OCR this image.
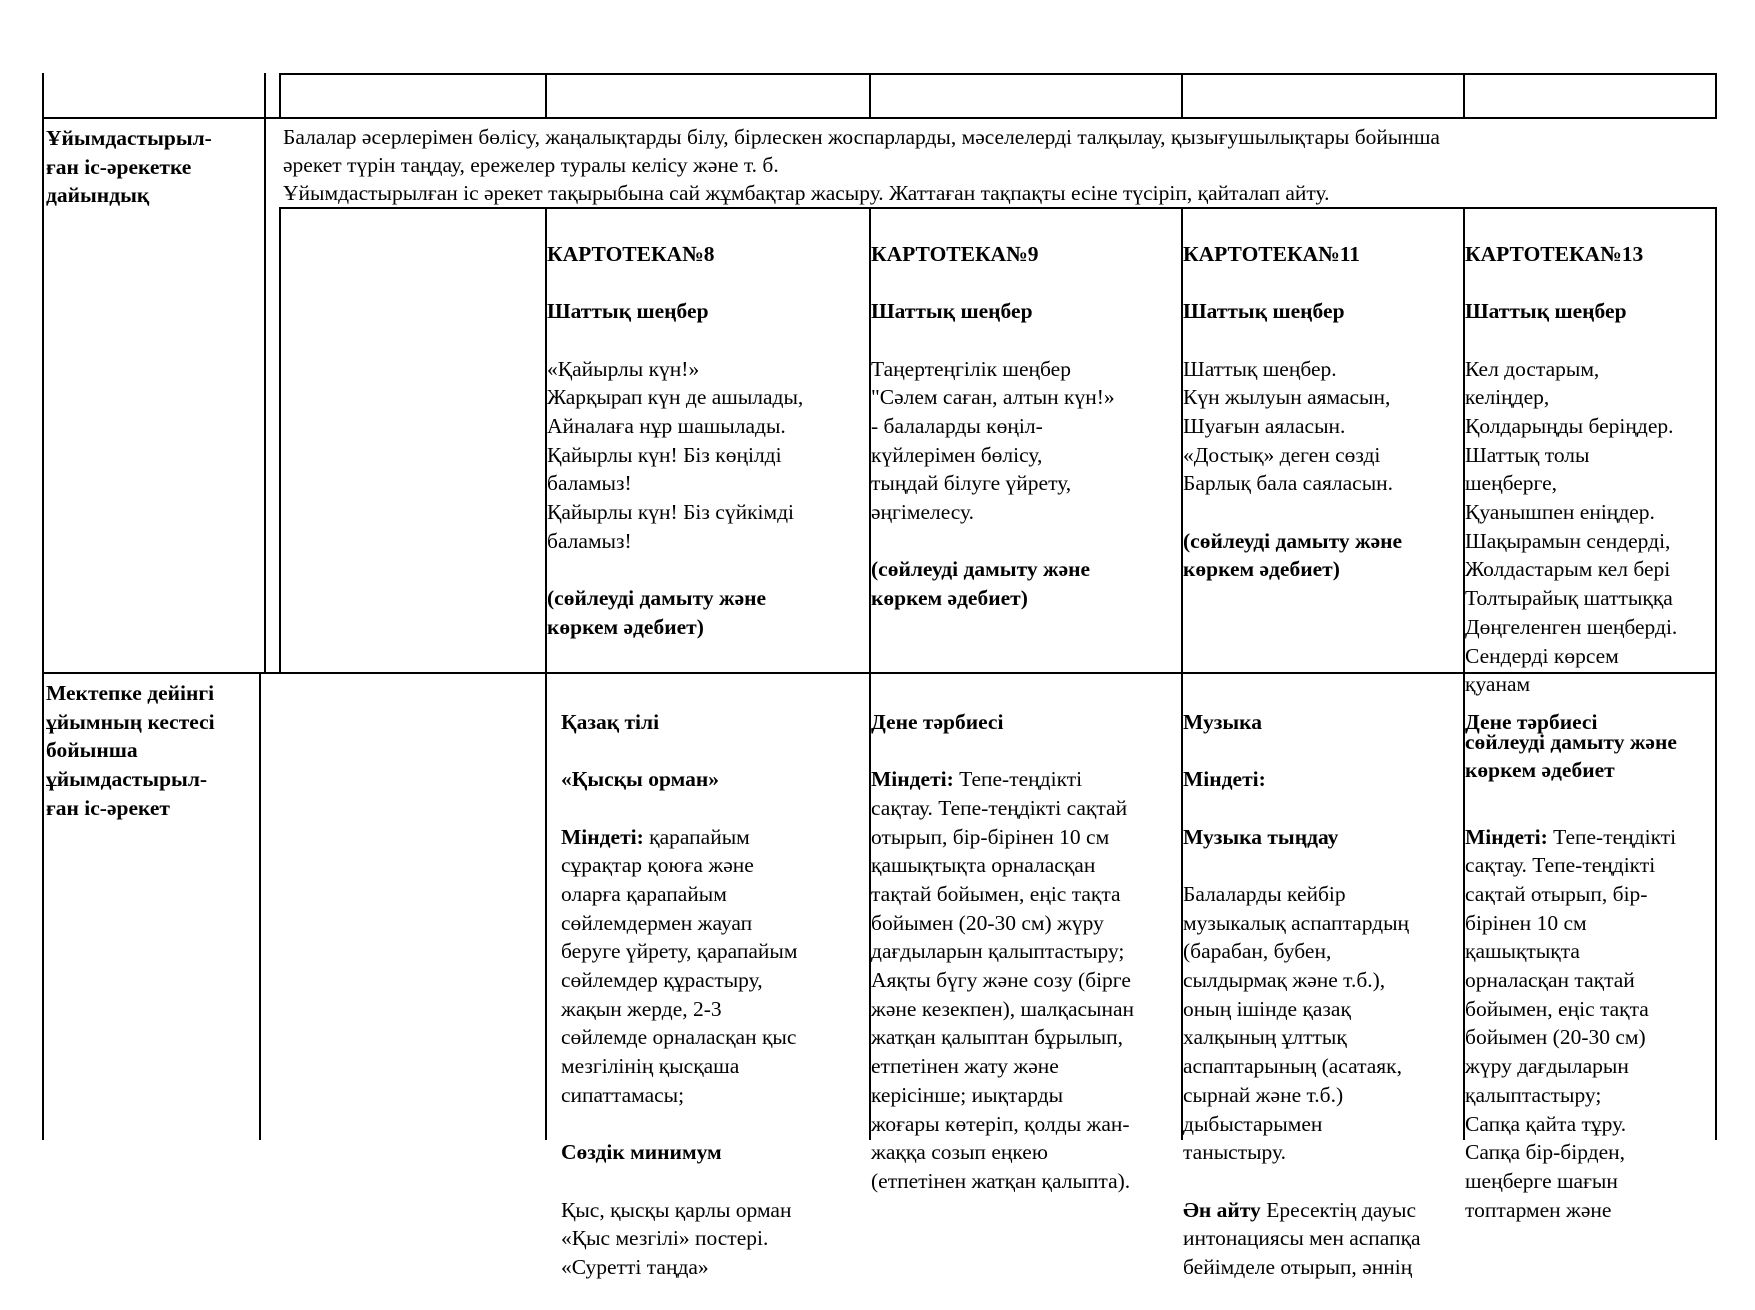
Ұйымдастырыл-
ған іс-әрекетке
дайындық
Балалар әсерлерімен бөлісу, жаңалықтарды білу, бірлескен жоспарларды, мәселелерді талқылау, қызығушылықтары бойынша
әрекет түрін таңдау, ережелер туралы келісу және т. б.
Ұйымдастырылған іс әрекет тақырыбына сай жұмбақтар жасыру. Жаттаған тақпақты есіне түсіріп, қайталап айту.

КАРТОТЕКА№8

Шаттық шеңбер

«Қайырлы күн!»
Жарқырап күн де ашылады,
Айналаға нұр шашылады.
Қайырлы күн! Біз көңілді
баламыз!
Қайырлы күн! Біз сүйкімді
баламыз!

(сөйлеуді дамыту және
көркем әдебиет)

КАРТОТЕКА№9

Шаттық шеңбер

Таңертеңгілік шеңбер
"Сәлем саған, алтын күн!»
- балаларды көңіл-
күйлерімен бөлісу,
тыңдай білуге үйрету,
әңгімелесу.

(сөйлеуді дамыту және
көркем әдебиет)

КАРТОТЕКА№11

Шаттық шеңбер

Шаттық шеңбер.
Күн жылуын аямасын,
Шуағын аяласын.
«Достық» деген сөзді
Барлық бала саяласын.

(сөйлеуді дамыту және
көркем әдебиет)

КАРТОТЕКА№13

Шаттық шеңбер

Кел достарым,
келіңдер,
Қолдарыңды беріңдер.
Шаттық толы
шеңберге,
Қуанышпен еніңдер.
Шақырамын сендерді,
Жолдастарым кел бері
Толтырайық шаттыққа
Дөңгеленген шеңберді.
Сендерді көрсем
қуанам

сөйлеуді дамыту және
көркем әдебиет

Мектепке дейінгі
ұйымның кестесі
бойынша
ұйымдастырыл-
ған іс-әрекет

Қазақ тілі

«Қысқы орман»

Міндеті: қарапайым
сұрақтар қоюға және
оларға қарапайым
сөйлемдермен жауап
беруге үйрету, қарапайым
сөйлемдер құрастыру,
жақын жерде, 2-3
сөйлемде орналасқан қыс
мезгілінің қысқаша
сипаттамасы;

Сөздік минимум

Қыс, қысқы қарлы орман
«Қыс мезгілі» постері.
«Суретті таңда»

Дене тәрбиесі

Міндеті: Тепе-теңдікті
сақтау. Тепе-теңдікті сақтай
отырып, бір-бірінен 10 см
қашықтықта орналасқан
тақтай бойымен, еңіс тақта
бойымен (20-30 см) жүру
дағдыларын қалыптастыру;
Аяқты бүгу және созу (бірге
және кезекпен), шалқасынан
жатқан қалыптан бұрылып,
етпетінен жату және
керісінше; иықтарды
жоғары көтеріп, қолды жан-
жаққа созып еңкею
(етпетінен жатқан қалыпта).

Музыка

Міндеті:

Музыка тыңдау

Балаларды кейбір
музыкалық аспаптардың
(барабан, бубен,
сылдырмақ және т.б.),
оның ішінде қазақ
халқының ұлттық
аспаптарының (асатаяк,
сырнай және т.б.)
дыбыстарымен
таныстыру.

Ән айту Ересектің дауыс
интонациясы мен аспапқа
бейімделе отырып, әннің

Дене тәрбиесі

Міндеті: Тепе-теңдікті
сақтау. Тепе-теңдікті
сақтай отырып, бір-
бірінен 10 см
қашықтықта
орналасқан тақтай
бойымен, еңіс тақта
бойымен (20-30 см)
жүру дағдыларын
қалыптастыру;
Сапқа қайта тұру.
Сапқа бір-бірден,
шеңберге шағын
топтармен және
